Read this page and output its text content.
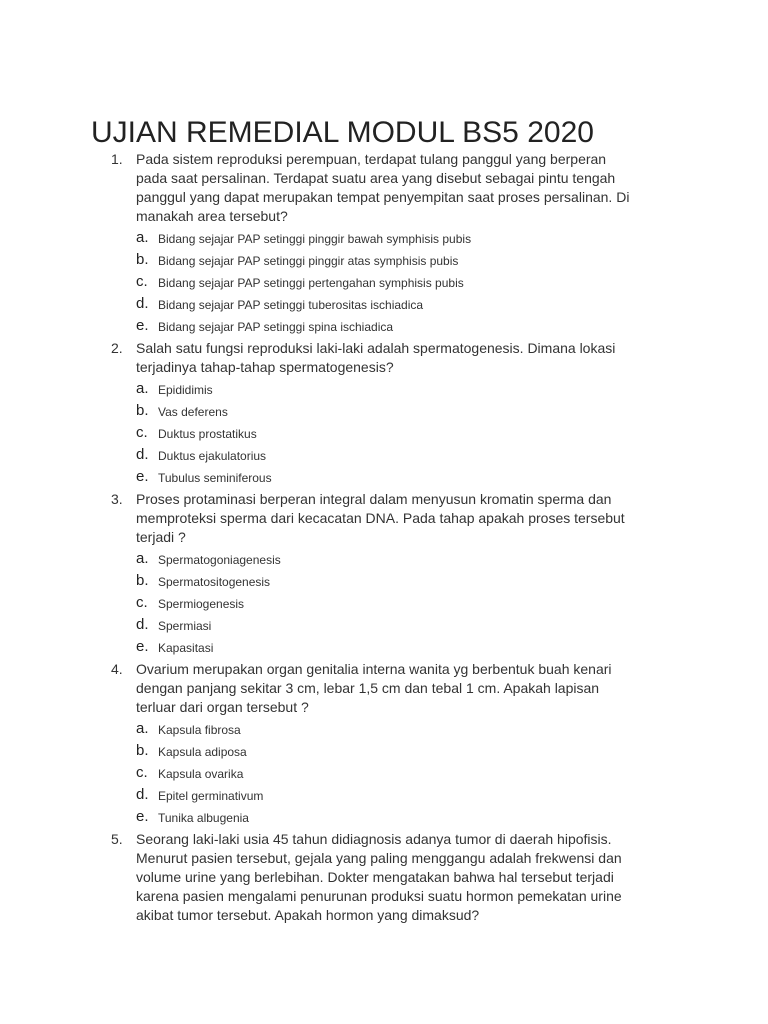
UJIAN REMEDIAL MODUL BS5 2020
1. Pada sistem reproduksi perempuan, terdapat tulang panggul yang berperan
pada saat persalinan. Terdapat suatu area yang disebut sebagai pintu tengah
panggul yang dapat merupakan tempat penyempitan saat proses persalinan. Di
manakah area tersebut?
a. Bidang sejajar PAP setinggi pinggir bawah symphisis pubis
b. Bidang sejajar PAP setinggi pinggir atas symphisis pubis
c. Bidang sejajar PAP setinggi pertengahan symphisis pubis
d. Bidang sejajar PAP setinggi tuberositas ischiadica
e. Bidang sejajar PAP setinggi spina ischiadica
2. Salah satu fungsi reproduksi laki-laki adalah spermatogenesis. Dimana lokasi
terjadinya tahap-tahap spermatogenesis?
a. Epididimis
b. Vas deferens
c. Duktus prostatikus
d. Duktus ejakulatorius
e. Tubulus seminiferous
3. Proses protaminasi berperan integral dalam menyusun kromatin sperma dan
memproteksi sperma dari kecacatan DNA. Pada tahap apakah proses tersebut
terjadi ?
a. Spermatogoniagenesis
b. Spermatositogenesis
c. Spermiogenesis
d. Spermiasi
e. Kapasitasi
4. Ovarium merupakan organ genitalia interna wanita yg berbentuk buah kenari
dengan panjang sekitar 3 cm, lebar 1,5 cm dan tebal 1 cm. Apakah lapisan
terluar dari organ tersebut ?
a. Kapsula fibrosa
b. Kapsula adiposa
c. Kapsula ovarika
d. Epitel germinativum
e. Tunika albugenia
5. Seorang laki-laki usia 45 tahun didiagnosis adanya tumor di daerah hipofisis.
Menurut pasien tersebut, gejala yang paling menggangu adalah frekwensi dan
volume urine yang berlebihan. Dokter mengatakan bahwa hal tersebut terjadi
karena pasien mengalami penurunan produksi suatu hormon pemekatan urine
akibat tumor tersebut. Apakah hormon yang dimaksud?
